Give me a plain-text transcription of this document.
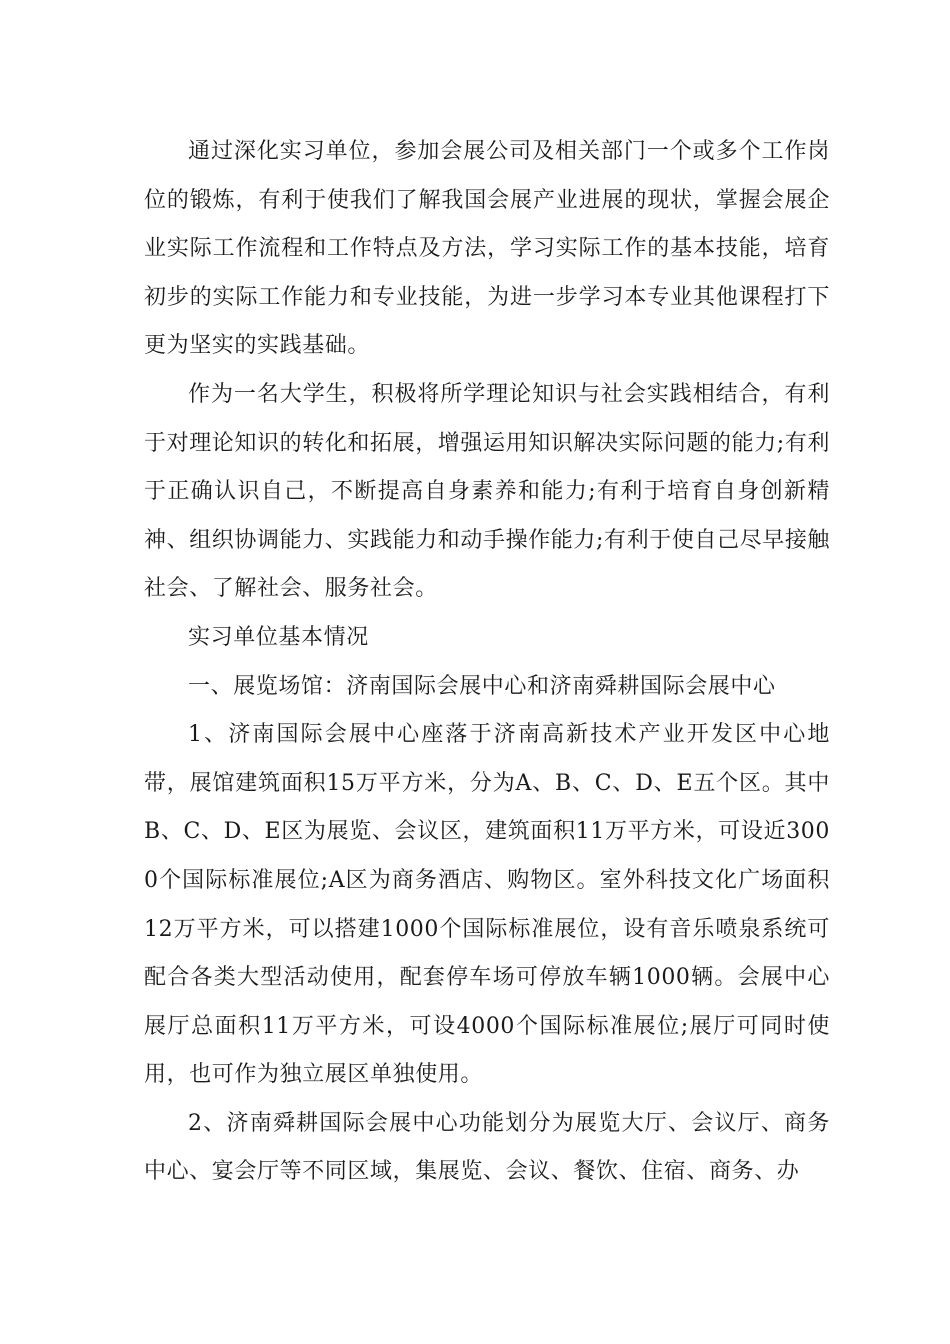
通过深化实习单位，参加会展公司及相关部门一个或多个工作岗位的锻炼，有利于使我们了解我国会展产业进展的现状，掌握会展企业实际工作流程和工作特点及方法，学习实际工作的基本技能，培育初步的实际工作能力和专业技能，为进一步学习本专业其他课程打下更为坚实的实践基础。

作为一名大学生，积极将所学理论知识与社会实践相结合，有利于对理论知识的转化和拓展，增强运用知识解决实际问题的能力;有利于正确认识自己，不断提高自身素养和能力;有利于培育自身创新精神、组织协调能力、实践能力和动手操作能力;有利于使自己尽早接触社会、了解社会、服务社会。

实习单位基本情况

一、展览场馆：济南国际会展中心和济南舜耕国际会展中心

1、济南国际会展中心座落于济南高新技术产业开发区中心地带，展馆建筑面积15万平方米，分为A、B、C、D、E五个区。其中B、C、D、E区为展览、会议区，建筑面积11万平方米，可设近3000个国际标准展位;A区为商务酒店、购物区。室外科技文化广场面积12万平方米，可以搭建1000个国际标准展位，设有音乐喷泉系统可配合各类大型活动使用，配套停车场可停放车辆1000辆。会展中心展厅总面积11万平方米，可设4000个国际标准展位;展厅可同时使用，也可作为独立展区单独使用。

2、济南舜耕国际会展中心功能划分为展览大厅、会议厅、商务中心、宴会厅等不同区域，集展览、会议、餐饮、住宿、商务、办
